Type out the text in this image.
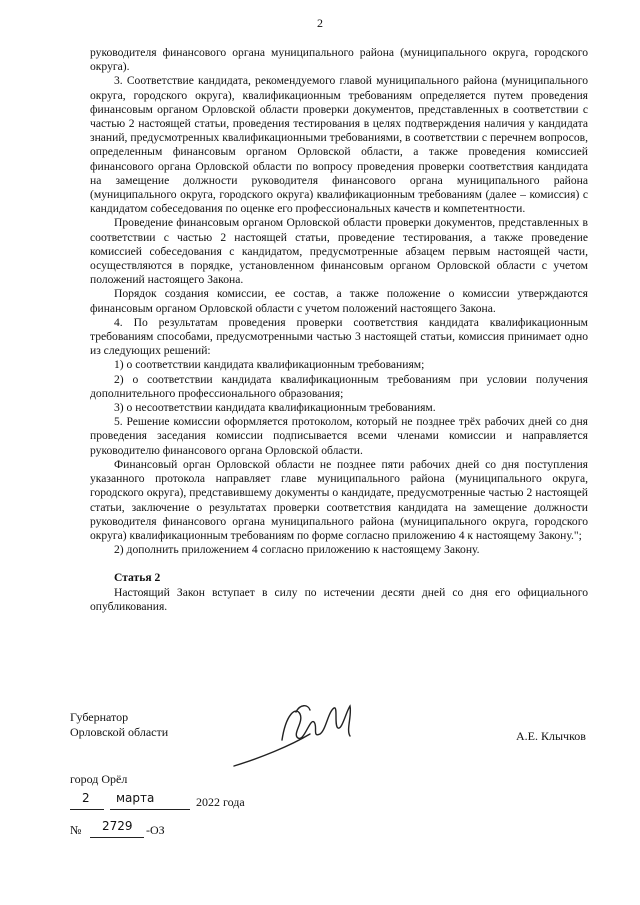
2

руководителя финансового органа муниципального района (муниципального округа, городского округа).

3. Соответствие кандидата, рекомендуемого главой муниципального района (муниципального округа, городского округа), квалификационным требованиям определяется путем проведения финансовым органом Орловской области проверки документов, представленных в соответствии с частью 2 настоящей статьи, проведения тестирования в целях подтверждения наличия у кандидата знаний, предусмотренных квалификационными требованиями, в соответствии с перечнем вопросов, определенным финансовым органом Орловской области, а также проведения комиссией финансового органа Орловской области по вопросу проведения проверки соответствия кандидата на замещение должности руководителя финансового органа муниципального района (муниципального округа, городского округа) квалификационным требованиям (далее – комиссия) с кандидатом собеседования по оценке его профессиональных качеств и компетентности.

Проведение финансовым органом Орловской области проверки документов, представленных в соответствии с частью 2 настоящей статьи, проведение тестирования, а также проведение комиссией собеседования с кандидатом, предусмотренные абзацем первым настоящей части, осуществляются в порядке, установленном финансовым органом Орловской области с учетом положений настоящего Закона.

Порядок создания комиссии, ее состав, а также положение о комиссии утверждаются финансовым органом Орловской области с учетом положений настоящего Закона.

4. По результатам проведения проверки соответствия кандидата квалификационным требованиям способами, предусмотренными частью 3 настоящей статьи, комиссия принимает одно из следующих решений:

1) о соответствии кандидата квалификационным требованиям;

2) о соответствии кандидата квалификационным требованиям при условии получения дополнительного профессионального образования;

3) о несоответствии кандидата квалификационным требованиям.

5. Решение комиссии оформляется протоколом, который не позднее трёх рабочих дней со дня проведения заседания комиссии подписывается всеми членами комиссии и направляется руководителю финансового органа Орловской области.

Финансовый орган Орловской области не позднее пяти рабочих дней со дня поступления указанного протокола направляет главе муниципального района (муниципального округа, городского округа), представившему документы о кандидате, предусмотренные частью 2 настоящей статьи, заключение о результатах проверки соответствия кандидата на замещение должности руководителя финансового органа муниципального района (муниципального округа, городского округа) квалификационным требованиям по форме согласно приложению 4 к настоящему Закону.";

2) дополнить приложением 4 согласно приложению к настоящему Закону.

Статья 2

Настоящий Закон вступает в силу по истечении десяти дней со дня его официального опубликования.

Губернатор
Орловской области	А.Е. Клычков
город Орёл
2 марта	2022 года
№ 2729 -ОЗ
